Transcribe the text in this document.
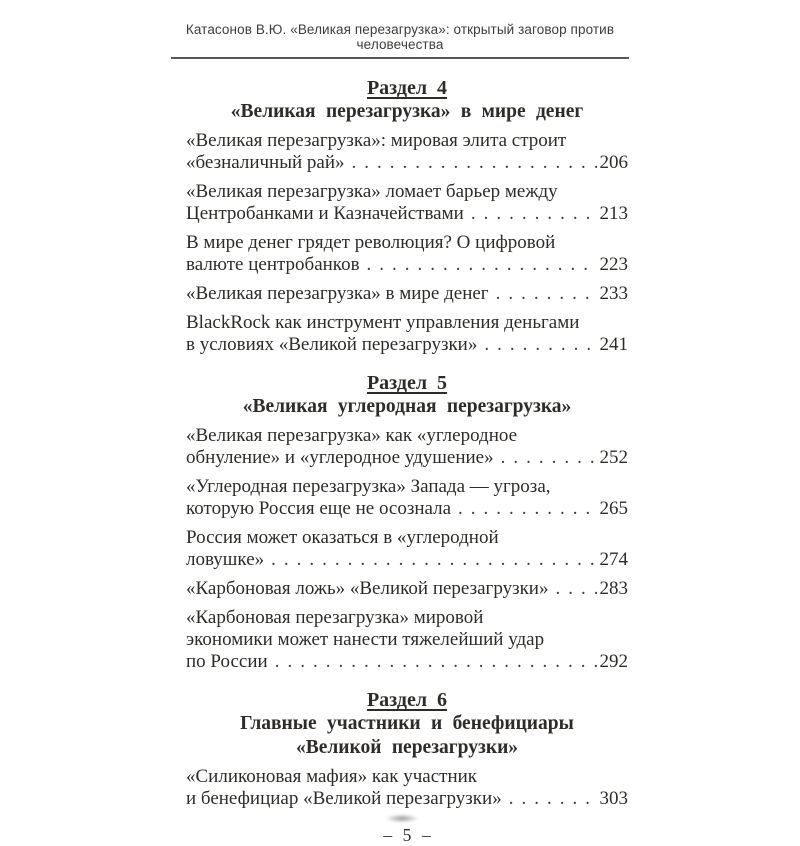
Катасонов В.Ю. «Великая перезагрузка»: открытый заговор против человечества
Раздел 4
«Великая перезагрузка» в мире денег
«Великая перезагрузка»: мировая элита строит
«безналичный рай» .....	206
«Великая перезагрузка» ломает барьер между
Центробанками и Казначействами .....	213
В мире денег грядет революция? О цифровой
валюте центробанков .....	223
«Великая перезагрузка» в мире денег .....	233
BlackRock как инструмент управления деньгами
в условиях «Великой перезагрузки» .....	241
Раздел 5
«Великая углеродная перезагрузка»
«Великая перезагрузка» как «углеродное
обнуление» и «углеродное удушение» .....	252
«Углеродная перезагрузка» Запада — угроза,
которую Россия еще не осознала .....	265
Россия может оказаться в «углеродной
ловушке» .....	274
«Карбоновая ложь» «Великой перезагрузки» .....	283
«Карбоновая перезагрузка» мировой
экономики может нанести тяжелейший удар
по России .....	292
Раздел 6
Главные участники и бенефициары
«Великой перезагрузки»
«Силиконовая мафия» как участник
и бенефициар «Великой перезагрузки» .....	303
– 5 –
